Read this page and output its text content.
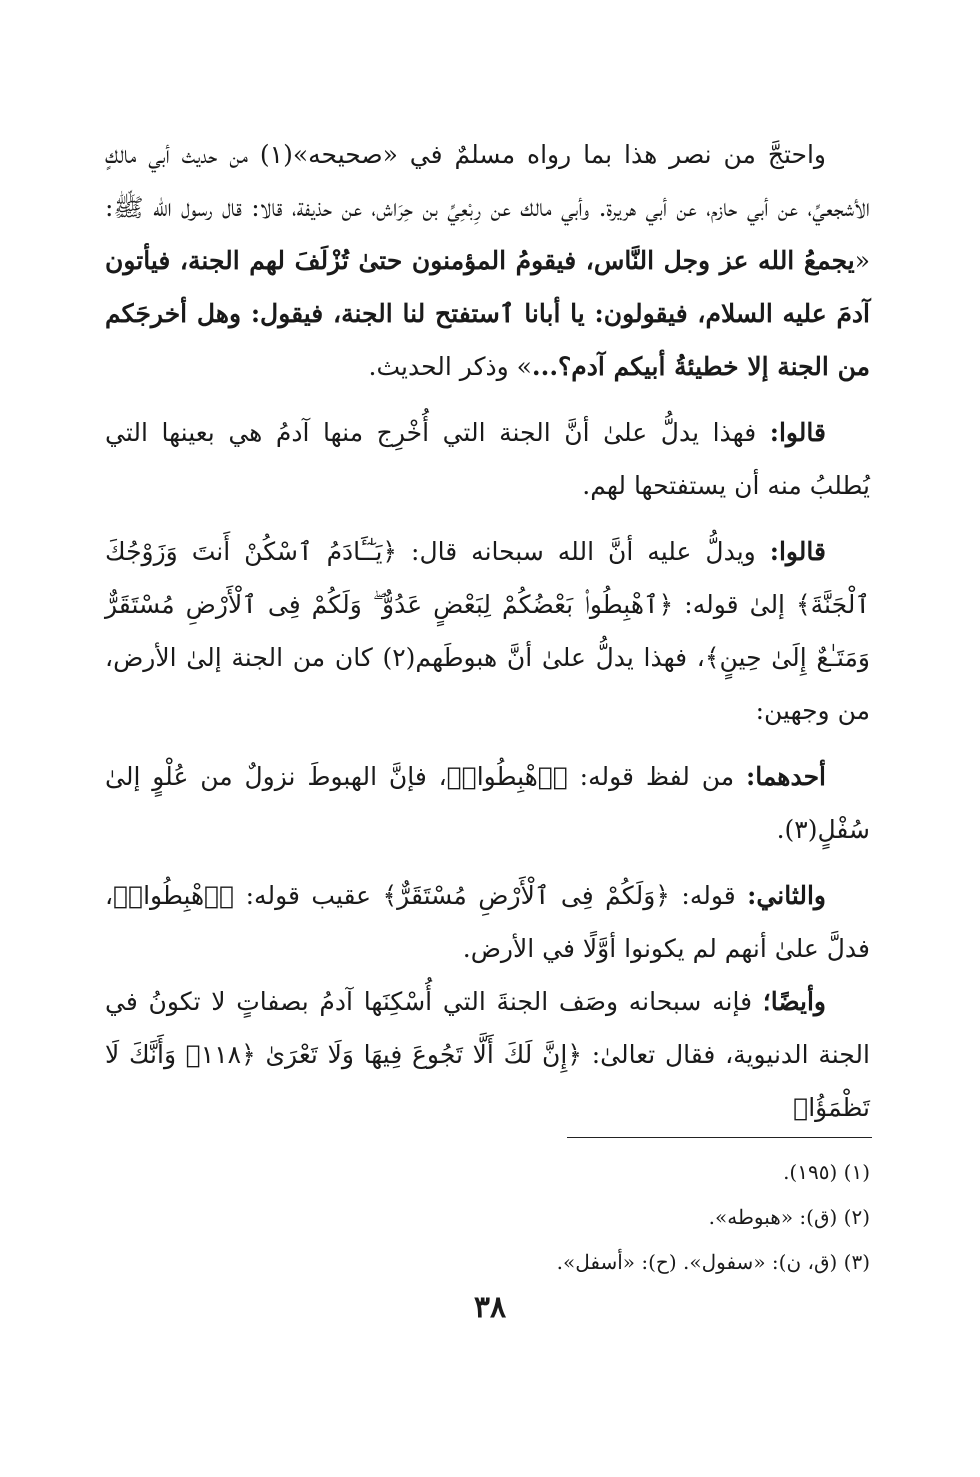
واحتجَّ من نصر هذا بما رواه مسلمٌ في «صحيحه»(١) من حديث أبي مالكٍ الأشجعيِّ، عن أبي حازم، عن أبي هريرة. وأبي مالك عن رِبْعِيِّ بن حِرَاش، عن حذيفة، قالا: قال رسول الله ﷺ: «يجمعُ الله عز وجل النَّاس، فيقومُ المؤمنون حتىٰ تُزْلَفَ لهم الجنة، فيأتون آدمَ عليه السلام، فيقولون: يا أبانا ٱستفتح لنا الجنة، فيقول: وهل أخرجَكم من الجنة إلا خطيئةُ أبيكم آدم؟...» وذكر الحديث.

قالوا: فهذا يدلُّ علىٰ أنَّ الجنة التي أُخْرِج منها آدمُ هي بعينها التي يُطلبُ منه أن يستفتحها لهم.

قالوا: ويدلُّ عليه أنَّ الله سبحانه قال: ﴿يَـٰٓـَٔادَمُ ٱسْكُنْ أَنتَ وَزَوْجُكَ ٱلْجَنَّةَ﴾ إلىٰ قوله: ﴿ٱهْبِطُوا۟ بَعْضُكُمْ لِبَعْضٍ عَدُوٌّ ۖ وَلَكُمْ فِى ٱلْأَرْضِ مُسْتَقَرٌّ وَمَتَـٰعٌ إِلَىٰ حِينٍ﴾، فهذا يدلُّ علىٰ أنَّ هبوطَهم(٢) كان من الجنة إلىٰ الأرض، من وجهين:

أحدهما: من لفظ قوله: ﴿ٱهْبِطُوا۟﴾، فإنَّ الهبوطَ نزولٌ من عُلْوٍ إلىٰ سُفْلٍ(٣).

والثاني: قوله: ﴿وَلَكُمْ فِى ٱلْأَرْضِ مُسْتَقَرٌّ﴾ عقيب قوله: ﴿ٱهْبِطُوا۟﴾، فدلَّ علىٰ أنهم لم يكونوا أوَّلًا في الأرض.

وأيضًا؛ فإنه سبحانه وصَف الجنةَ التي أُسْكِنَها آدمُ بصفاتٍ لا تكونُ في الجنة الدنيوية، فقال تعالىٰ: ﴿إِنَّ لَكَ أَلَّا تَجُوعَ فِيهَا وَلَا تَعْرَىٰ ﴿١١٨﴾ وَأَنَّكَ لَا تَظْمَؤُا۟

(١) (١٩٥).

(٢) (ق): «هبوطه».

(٣) (ق، ن): «سفول». (ح): «أسفل».

٣٨
